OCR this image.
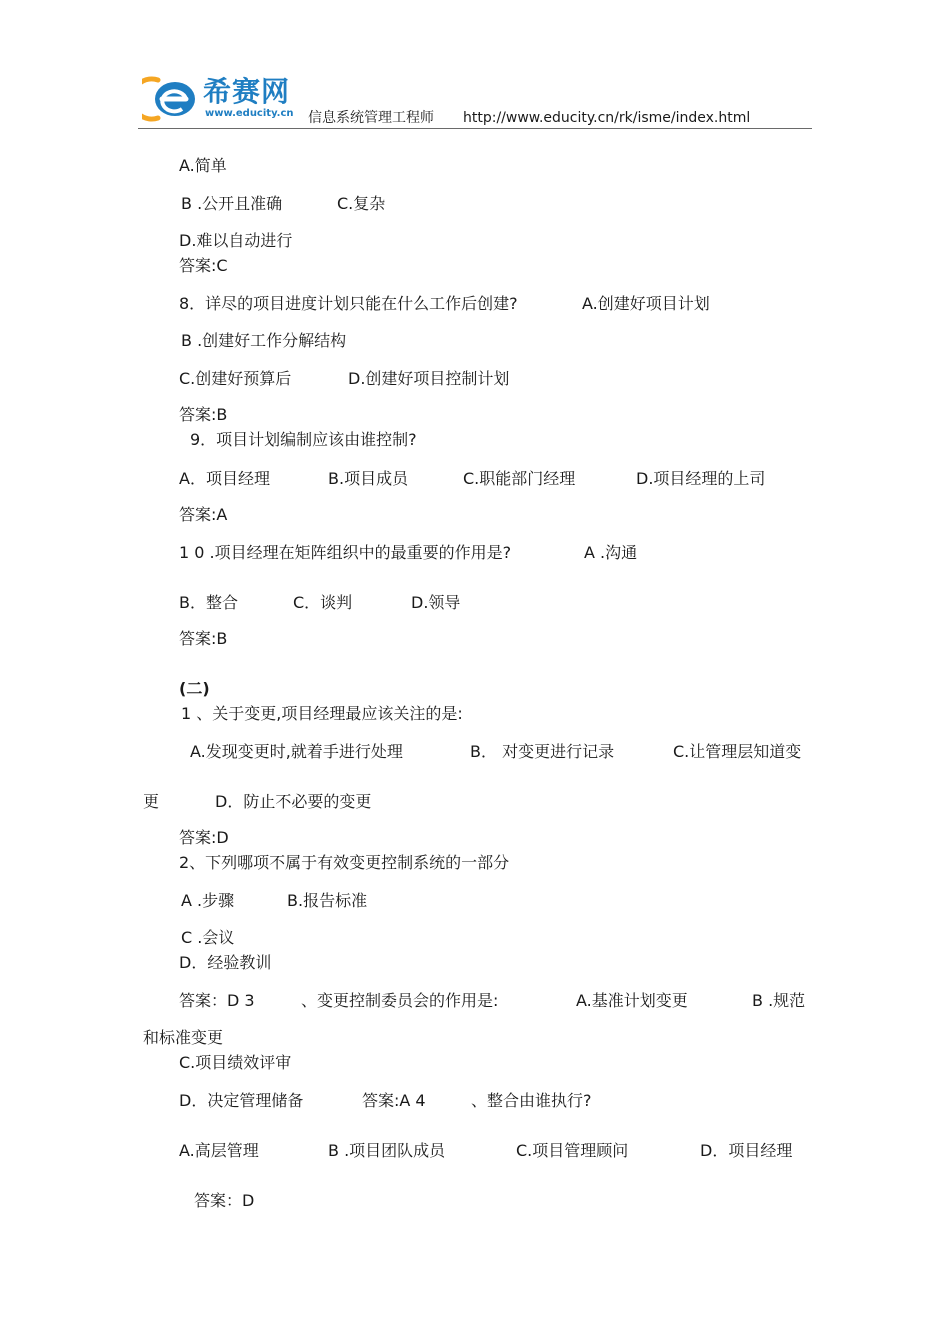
希赛网
www.educity.cn 信息系统管理工程师 http://www.educity.cn/rk/isme/index.html
A.简单
B .公开且准确 ﻿	C.复杂
D.难以自动进行
答案:C
8．详尽的项目进度计划只能在什么工作后创建? ﻿	A.创建好项目计划
B .创建好工作分解结构
C.创建好预算后 ﻿	D.创建好项目控制计划
答案:B
9．项目计划编制应该由谁控制?
A．项目经理 ﻿	B.项目成员 ﻿	C.职能部门经理 ﻿	D.项目经理的上司
答案:A
1 0 .项目经理在矩阵组织中的最重要的作用是? ﻿	A .沟通
B．整合 ﻿	C．谈判 ﻿	D.领导
答案:B
(二)
1 、关于变更,项目经理最应该关注的是:
A.发现变更时,就着手进行处理 ﻿	B． 对变更进行记录 ﻿	C.让管理层知道变
更 ﻿	D．防止不必要的变更
答案:D
2、下列哪项不属于有效变更控制系统的一部分
A .步骤 ﻿	B.报告标准
C .会议
D．经验教训
答案：D 3	﻿、变更控制委员会的作用是: ﻿	A.基准计划变更 ﻿	B .规范
和标准变更
C.项目绩效评审
D．决定管理储备 ﻿	答案:A 4	﻿、整合由谁执行?
A.高层管理 ﻿	B .项目团队成员 ﻿	C.项目管理顾问 ﻿	D．项目经理
﻿
答案：D
